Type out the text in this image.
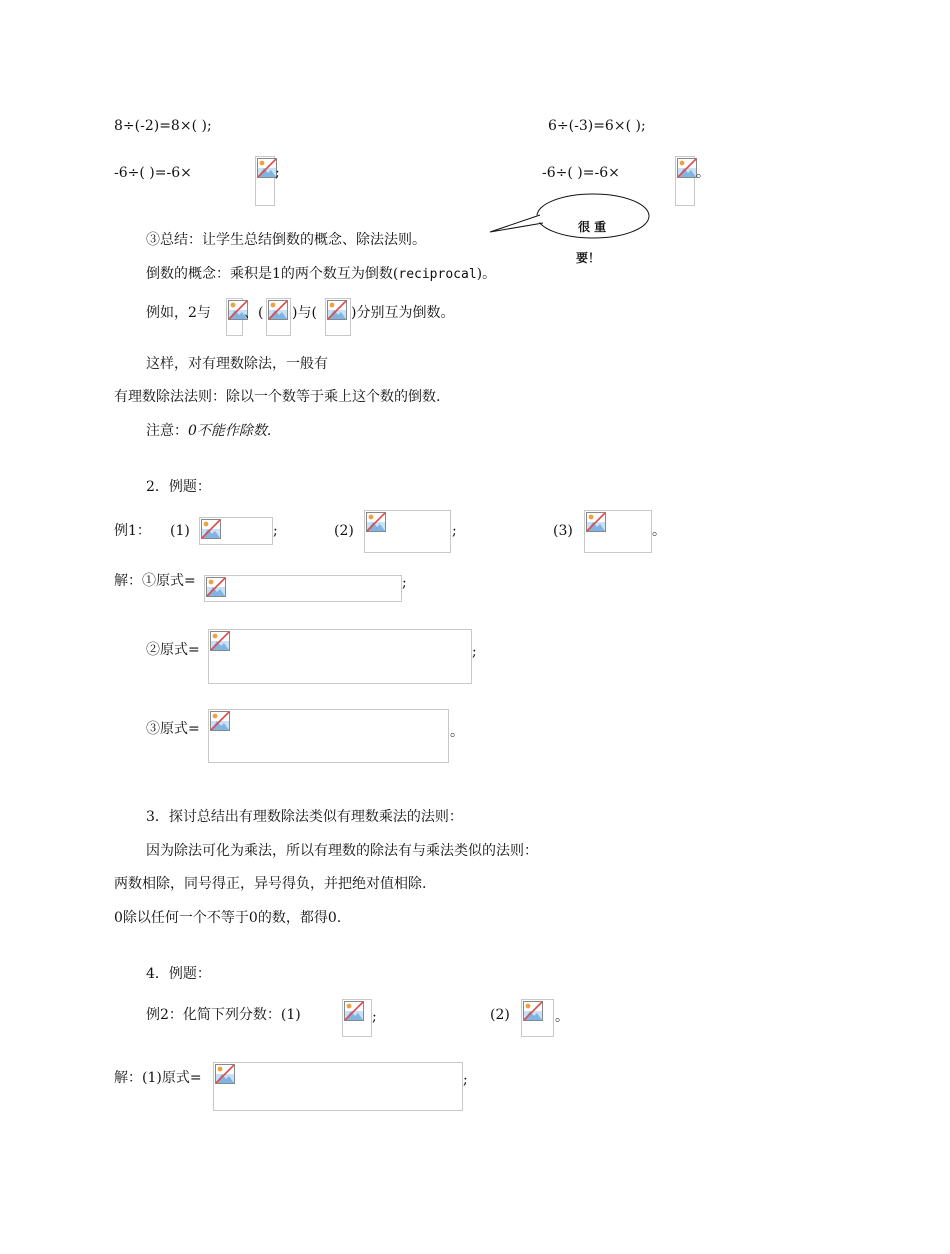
8÷(-2)=8×( );	6÷(-3)=6×( );
-6÷( )=-6×	;	-6÷( )=-6×	。
③总结：让学生总结倒数的概念、除法法则。
很 重
要！
倒数的概念：乘积是1的两个数互为倒数(reciprocal)。
例如，2与 、( )与( )分别互为倒数。
这样，对有理数除法，一般有
有理数除法法则：除以一个数等于乘上这个数的倒数.
注意：0不能作除数.
2．例题：
例1： (1)	;	(2)	;	(3)	。
解：①原式=	;
②原式=	;
③原式=	。
3．探讨总结出有理数除法类似有理数乘法的法则：
因为除法可化为乘法，所以有理数的除法有与乘法类似的法则：
两数相除，同号得正，异号得负，并把绝对值相除.
0除以任何一个不等于0的数，都得0.
4．例题：
例2：化简下列分数：(1)	;	(2)	。
解：(1)原式=	;
